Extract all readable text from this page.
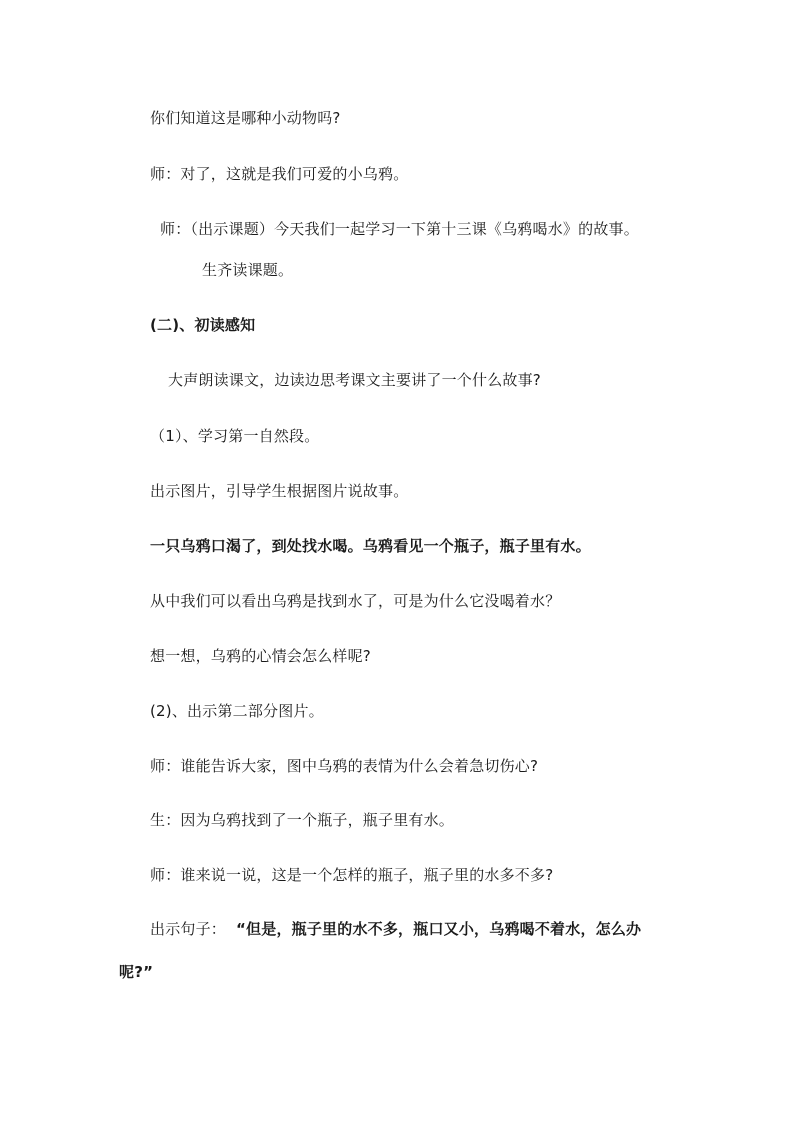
你们知道这是哪种小动物吗?
师：对了，这就是我们可爱的小乌鸦。
师：（出示课题）今天我们一起学习一下第十三课《乌鸦喝水》的故事。
生齐读课题。
(二)、初读感知
大声朗读课文，边读边思考课文主要讲了一个什么故事?
（1）、学习第一自然段。
出示图片，引导学生根据图片说故事。
一只乌鸦口渴了，到处找水喝。乌鸦看见一个瓶子，瓶子里有水。
从中我们可以看出乌鸦是找到水了，可是为什么它没喝着水？
想一想，乌鸦的心情会怎么样呢?
(2)、出示第二部分图片。
师：谁能告诉大家，图中乌鸦的表情为什么会着急切伤心?
生：因为乌鸦找到了一个瓶子，瓶子里有水。
师：谁来说一说，这是一个怎样的瓶子，瓶子里的水多不多?
出示句子： “但是，瓶子里的水不多，瓶口又小，乌鸦喝不着水，怎么办
呢?”
